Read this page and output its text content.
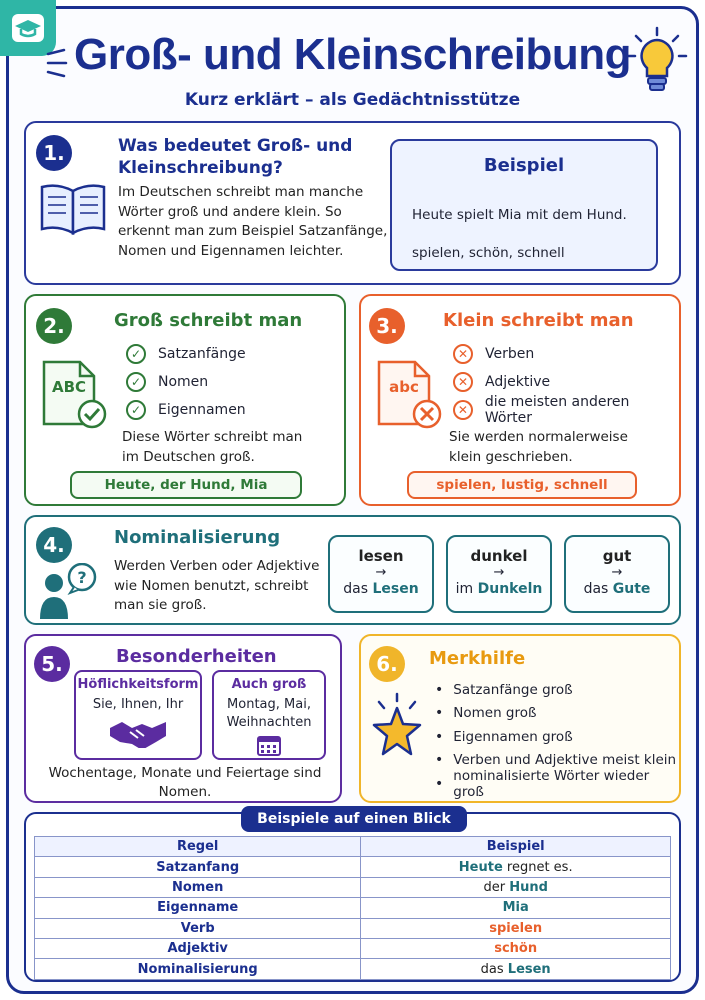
Groß- und Kleinschreibung
Kurz erklärt – als Gedächtnisstütze
1.	Was bedeutet Groß- und Kleinschreibung?
Im Deutschen schreibt man manche Wörter groß und andere klein. So erkennt man zum Beispiel Satzanfänge, Nomen und Eigennamen leichter.
Beispiel
Heute spielt Mia mit dem Hund.
spielen, schön, schnell
2.	Groß schreibt man
ABC
✓	Satzanfänge
✓	Nomen
✓	Eigennamen
Diese Wörter schreibt man im Deutschen groß.
Heute, der Hund, Mia
3.	Klein schreibt man
abc
✕	Verben
✕	Adjektive
✕	die meisten anderen Wörter
Sie werden normalerweise klein geschrieben.
spielen, lustig, schnell
4.	Nominalisierung
?
Werden Verben oder Adjektive wie Nomen benutzt, schreibt man sie groß.
lesen
→
das Lesen
dunkel
→
im Dunkeln
gut
→
das Gute
5.	Besonderheiten
Höflichkeitsform
Sie, Ihnen, Ihr
Auch groß
Montag, Mai, Weihnachten
Wochentage, Monate und Feiertage sind Nomen.
6.	Merkhilfe
• Satzanfänge groß
• Nomen groß
• Eigennamen groß
• Verben und Adjektive meist klein
• nominalisierte Wörter wieder groß
Beispiele auf einen Blick
Regel	Beispiel
Satzanfang	Heute regnet es.
Nomen	der Hund
Eigenname	Mia
Verb	spielen
Adjektiv	schön
Nominalisierung	das Lesen
